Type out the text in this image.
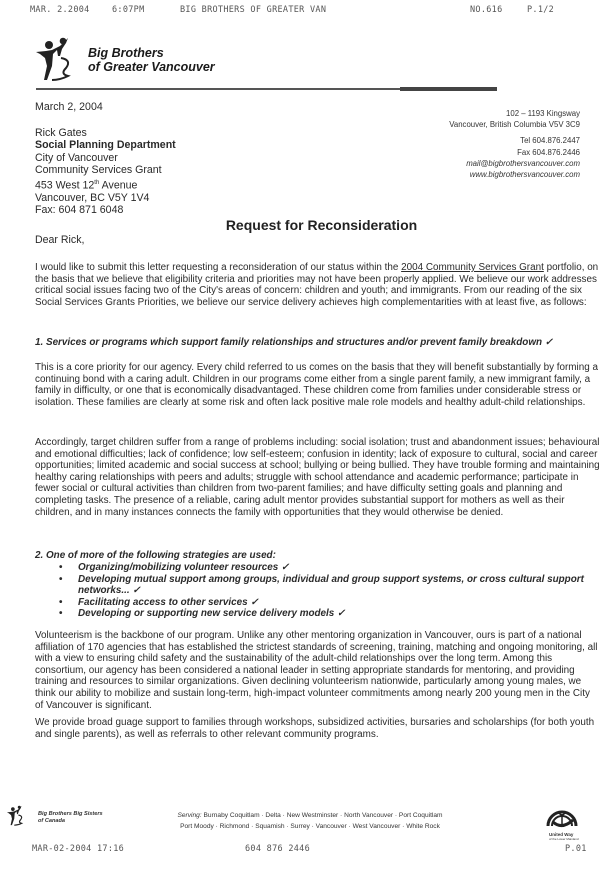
MAR. 2.2004	6:07PM	BIG BROTHERS OF GREATER VAN	NO.616	P.1/2
Big Brothers
of Greater Vancouver
March 2, 2004
Rick Gates
Social Planning Department
City of Vancouver
Community Services Grant
453 West 12th Avenue
Vancouver, BC V5Y 1V4
Fax: 604 871 6048
102 – 1193 Kingsway
Vancouver, British Columbia V5V 3C9
Tel 604.876.2447
Fax 604.876.2446
mail@bigbrothersvancouver.com
www.bigbrothersvancouver.com
Request for Reconsideration
Dear Rick,
I would like to submit this letter requesting a reconsideration of our status within the 2004 Community Services Grant portfolio, on the basis that we believe that eligibility criteria and priorities may not have been properly applied. We believe our work addresses critical social issues facing two of the City's areas of concern: children and youth; and immigrants. From our reading of the six Social Services Grants Priorities, we believe our service delivery achieves high complementarities with at least five, as follows:
1. Services or programs which support family relationships and structures and/or prevent family breakdown ✓
This is a core priority for our agency. Every child referred to us comes on the basis that they will benefit substantially by forming a continuing bond with a caring adult. Children in our programs come either from a single parent family, a new immigrant family, a family in difficulty, or one that is economically disadvantaged. These children come from families under considerable stress or isolation. These families are clearly at some risk and often lack positive male role models and healthy adult-child relationships.
Accordingly, target children suffer from a range of problems including: social isolation; trust and abandonment issues; behavioural and emotional difficulties; lack of confidence; low self-esteem; confusion in identity; lack of exposure to cultural, social and career opportunities; limited academic and social success at school; bullying or being bullied. They have trouble forming and maintaining healthy caring relationships with peers and adults; struggle with school attendance and academic performance; participate in fewer social or cultural activities than children from two-parent families; and have difficulty setting goals and planning and completing tasks. The presence of a reliable, caring adult mentor provides substantial support for mothers as well as their children, and in many instances connects the family with opportunities that they would otherwise be denied.
2. One of more of the following strategies are used:
• Organizing/mobilizing volunteer resources ✓
• Developing mutual support among groups, individual and group support systems, or cross cultural support networks... ✓
• Facilitating access to other services ✓
• Developing or supporting new service delivery models ✓
Volunteerism is the backbone of our program. Unlike any other mentoring organization in Vancouver, ours is part of a national affiliation of 170 agencies that has established the strictest standards of screening, training, matching and ongoing monitoring, all with a view to ensuring child safety and the sustainability of the adult-child relationships over the long term. Among this consortium, our agency has been considered a national leader in setting appropriate standards for mentoring, and providing training and resources to similar organizations. Given declining volunteerism nationwide, particularly among young males, we think our ability to mobilize and sustain long-term, high-impact volunteer commitments among nearly 200 young men in the City of Vancouver is significant.
We provide broad guage support to families through workshops, subsidized activities, bursaries and scholarships (for both youth and single parents), as well as referrals to other relevant community programs.
Big Brothers Big Sisters
of Canada
Serving: Burnaby Coquitlam · Delta · New Westminster · North Vancouver · Port Coquitlam
Port Moody · Richmond · Squamish · Surrey · Vancouver · West Vancouver · White Rock
United Way
of the Lower Mainland
MAR-02-2004 17:16	604 876 2446	P.01
